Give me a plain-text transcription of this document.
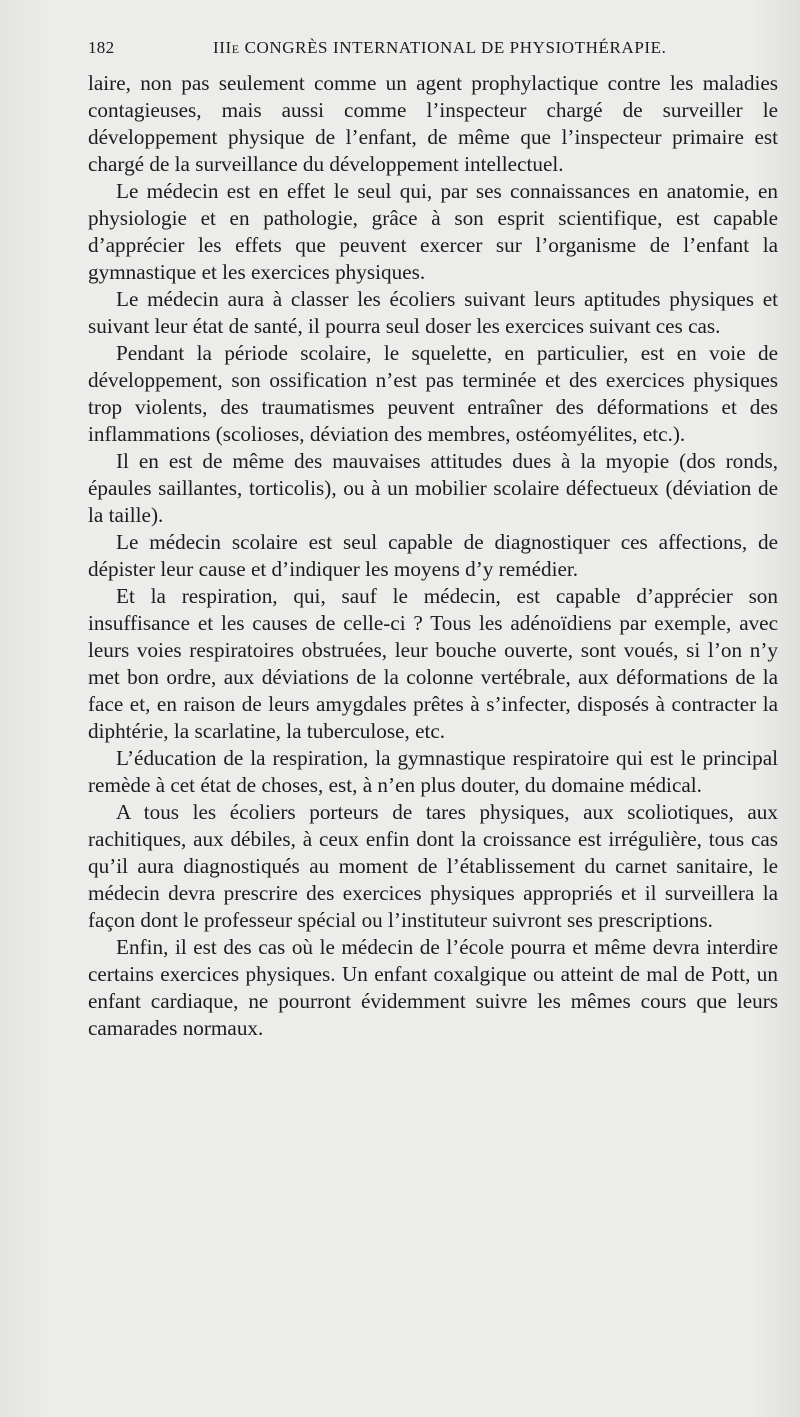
182	IIIe CONGRÈS INTERNATIONAL DE PHYSIOTHÉRAPIE.

laire, non pas seulement comme un agent prophylactique contre les maladies contagieuses, mais aussi comme l’inspecteur chargé de surveiller le développement physique de l’enfant, de même que l’inspecteur primaire est chargé de la surveillance du développement intellectuel.

Le médecin est en effet le seul qui, par ses connaissances en anatomie, en physiologie et en pathologie, grâce à son esprit scientifique, est capable d’apprécier les effets que peuvent exercer sur l’organisme de l’enfant la gymnastique et les exercices physiques.

Le médecin aura à classer les écoliers suivant leurs aptitudes physiques et suivant leur état de santé, il pourra seul doser les exercices suivant ces cas.

Pendant la période scolaire, le squelette, en particulier, est en voie de développement, son ossification n’est pas terminée et des exercices physiques trop violents, des traumatismes peuvent entraîner des déformations et des inflammations (scolioses, déviation des membres, ostéomyélites, etc.).

Il en est de même des mauvaises attitudes dues à la myopie (dos ronds, épaules saillantes, torticolis), ou à un mobilier scolaire défectueux (déviation de la taille).

Le médecin scolaire est seul capable de diagnostiquer ces affections, de dépister leur cause et d’indiquer les moyens d’y remédier.

Et la respiration, qui, sauf le médecin, est capable d’apprécier son insuffisance et les causes de celle-ci ? Tous les adénoïdiens par exemple, avec leurs voies respiratoires obstruées, leur bouche ouverte, sont voués, si l’on n’y met bon ordre, aux déviations de la colonne vertébrale, aux déformations de la face et, en raison de leurs amygdales prêtes à s’infecter, disposés à contracter la diphtérie, la scarlatine, la tuberculose, etc.

L’éducation de la respiration, la gymnastique respiratoire qui est le principal remède à cet état de choses, est, à n’en plus douter, du domaine médical.

A tous les écoliers porteurs de tares physiques, aux scoliotiques, aux rachitiques, aux débiles, à ceux enfin dont la croissance est irrégulière, tous cas qu’il aura diagnostiqués au moment de l’établissement du carnet sanitaire, le médecin devra prescrire des exercices physiques appropriés et il surveillera la façon dont le professeur spécial ou l’instituteur suivront ses prescriptions.

Enfin, il est des cas où le médecin de l’école pourra et même devra interdire certains exercices physiques. Un enfant coxalgique ou atteint de mal de Pott, un enfant cardiaque, ne pourront évidemment suivre les mêmes cours que leurs camarades normaux.
